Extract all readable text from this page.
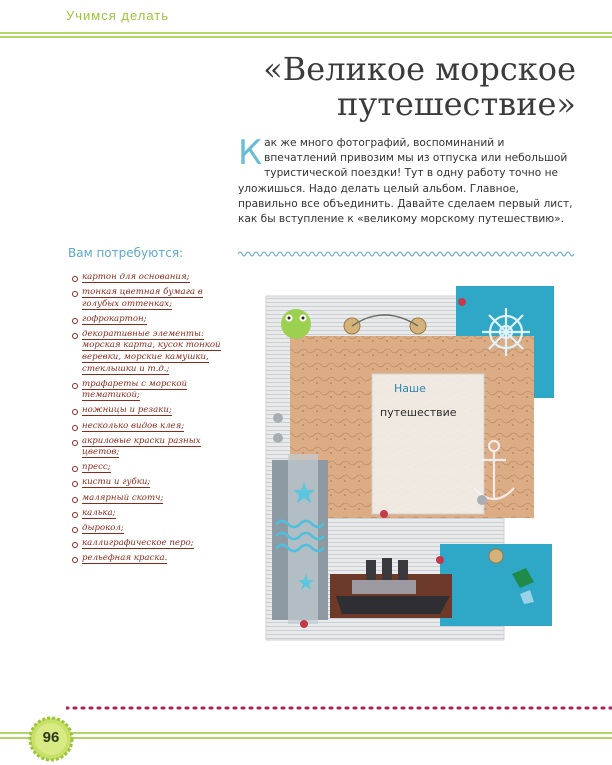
Учимся делать
«Великое морское
путешествие»
Как же много фотографий, воспоминаний и впечатлений привозим мы из отпуска или небольшой туристической поездки! Тут в одну работу точно не уложишься. Надо делать целый альбом. Главное, правильно все объединить. Давайте сделаем первый лист, как бы вступление к «великому морскому путешествию».
Вам потребуются:
картон для основания;
тонкая цветная бумага в голубых оттенках;
гофрокартон;
декоративные элементы: морская карта, кусок тонкой веревки, морские камушки, стеклышки и т.д.;
трафареты с морской тематикой;
ножницы и резаки;
несколько видов клея;
акриловые краски разных цветов;
пресс;
кисти и губки;
малярный скотч;
калька;
дырокол;
каллиграфическое перо;
рельефная краска.
Наше
путешествие
96
